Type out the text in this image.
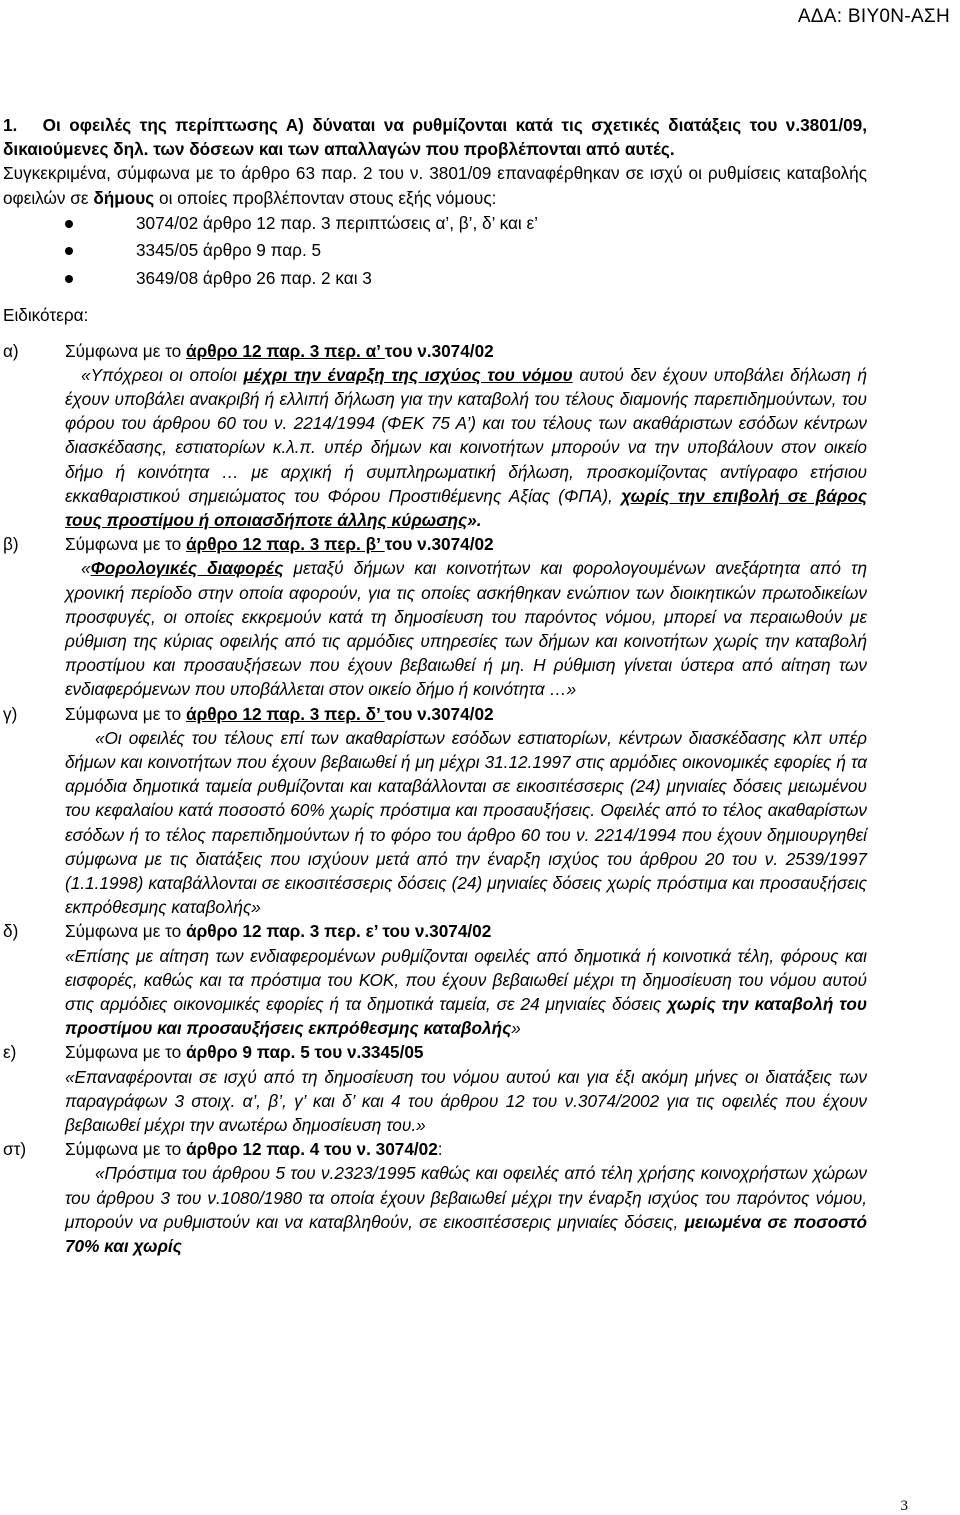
ΑΔΑ: ΒΙΥ0Ν-ΑΣΗ

1. Οι οφειλές της περίπτωσης Α) δύναται να ρυθμίζονται κατά τις σχετικές διατάξεις του ν.3801/09, δικαιούμενες δηλ. των δόσεων και των απαλλαγών που προβλέπονται από αυτές.

Συγκεκριμένα, σύμφωνα με το άρθρο 63 παρ. 2 του ν. 3801/09 επαναφέρθηκαν σε ισχύ οι ρυθμίσεις καταβολής οφειλών σε δήμους οι οποίες προβλέπονταν στους εξής νόμους:

3074/02 άρθρο 12 παρ. 3 περιπτώσεις α’, β’, δ’ και ε’
3345/05 άρθρο 9 παρ. 5
3649/08 άρθρο 26 παρ. 2 και 3

Ειδικότερα:

α)	Σύμφωνα με το άρθρο 12 παρ. 3 περ. α’ του ν.3074/02

«Υπόχρεοι οι οποίοι μέχρι την έναρξη της ισχύος του νόμου αυτού δεν έχουν υποβάλει δήλωση ή έχουν υποβάλει ανακριβή ή ελλιπή δήλωση για την καταβολή του τέλους διαμονής παρεπιδημούντων, του φόρου του άρθρου 60 του ν. 2214/1994 (ΦΕΚ 75 Α’) και του τέλους των ακαθάριστων εσόδων κέντρων διασκέδασης, εστιατορίων κ.λ.π. υπέρ δήμων και κοινοτήτων μπορούν να την υποβάλουν στον οικείο δήμο ή κοινότητα … με αρχική ή συμπληρωματική δήλωση, προσκομίζοντας αντίγραφο ετήσιου εκκαθαριστικού σημειώματος του Φόρου Προστιθέμενης Αξίας (ΦΠΑ), χωρίς την επιβολή σε βάρος τους προστίμου ή οποιασδήποτε άλλης κύρωσης».

β)	Σύμφωνα με το άρθρο 12 παρ. 3 περ. β’ του ν.3074/02

«Φορολογικές διαφορές μεταξύ δήμων και κοινοτήτων και φορολογουμένων ανεξάρτητα από τη χρονική περίοδο στην οποία αφορούν, για τις οποίες ασκήθηκαν ενώπιον των διοικητικών πρωτοδικείων προσφυγές, οι οποίες εκκρεμούν κατά τη δημοσίευση του παρόντος νόμου, μπορεί να περαιωθούν με ρύθμιση της κύριας οφειλής από τις αρμόδιες υπηρεσίες των δήμων και κοινοτήτων χωρίς την καταβολή προστίμου και προσαυξήσεων που έχουν βεβαιωθεί ή μη. Η ρύθμιση γίνεται ύστερα από αίτηση των ενδιαφερόμενων που υποβάλλεται στον οικείο δήμο ή κοινότητα …»

γ)	Σύμφωνα με το άρθρο 12 παρ. 3 περ. δ’ του ν.3074/02

«Οι οφειλές του τέλους επί των ακαθαρίστων εσόδων εστιατορίων, κέντρων διασκέδασης κλπ υπέρ δήμων και κοινοτήτων που έχουν βεβαιωθεί ή μη μέχρι 31.12.1997 στις αρμόδιες οικονομικές εφορίες ή τα αρμόδια δημοτικά ταμεία ρυθμίζονται και καταβάλλονται σε εικοσιτέσσερις (24) μηνιαίες δόσεις μειωμένου του κεφαλαίου κατά ποσοστό 60% χωρίς πρόστιμα και προσαυξήσεις. Οφειλές από το τέλος ακαθαρίστων εσόδων ή το τέλος παρεπιδημούντων ή το φόρο του άρθρο 60 του ν. 2214/1994 που έχουν δημιουργηθεί σύμφωνα με τις διατάξεις που ισχύουν μετά από την έναρξη ισχύος του άρθρου 20 του ν. 2539/1997 (1.1.1998) καταβάλλονται σε εικοσιτέσσερις δόσεις (24) μηνιαίες δόσεις χωρίς πρόστιμα και προσαυξήσεις εκπρόθεσμης καταβολής»

δ)	Σύμφωνα με το άρθρο 12 παρ. 3 περ. ε’ του ν.3074/02

«Επίσης με αίτηση των ενδιαφερομένων ρυθμίζονται οφειλές από δημοτικά ή κοινοτικά τέλη, φόρους και εισφορές, καθώς και τα πρόστιμα του ΚΟΚ, που έχουν βεβαιωθεί μέχρι τη δημοσίευση του νόμου αυτού στις αρμόδιες οικονομικές εφορίες ή τα δημοτικά ταμεία, σε 24 μηνιαίες δόσεις χωρίς την καταβολή του προστίμου και προσαυξήσεις εκπρόθεσμης καταβολής»

ε)	Σύμφωνα με το άρθρο 9 παρ. 5 του ν.3345/05

«Επαναφέρονται σε ισχύ από τη δημοσίευση του νόμου αυτού και για έξι ακόμη μήνες οι διατάξεις των παραγράφων 3 στοιχ. α’, β’, γ’ και δ’ και 4 του άρθρου 12 του ν.3074/2002 για τις οφειλές που έχουν βεβαιωθεί μέχρι την ανωτέρω δημοσίευση του.»

στ) Σύμφωνα με το άρθρο 12 παρ. 4 του ν. 3074/02:

«Πρόστιμα του άρθρου 5 του ν.2323/1995 καθώς και οφειλές από τέλη χρήσης κοινοχρήστων χώρων του άρθρου 3 του ν.1080/1980 τα οποία έχουν βεβαιωθεί μέχρι την έναρξη ισχύος του παρόντος νόμου, μπορούν να ρυθμιστούν και να καταβληθούν, σε εικοσιτέσσερις μηνιαίες δόσεις, μειωμένα σε ποσοστό 70% και χωρίς

3
